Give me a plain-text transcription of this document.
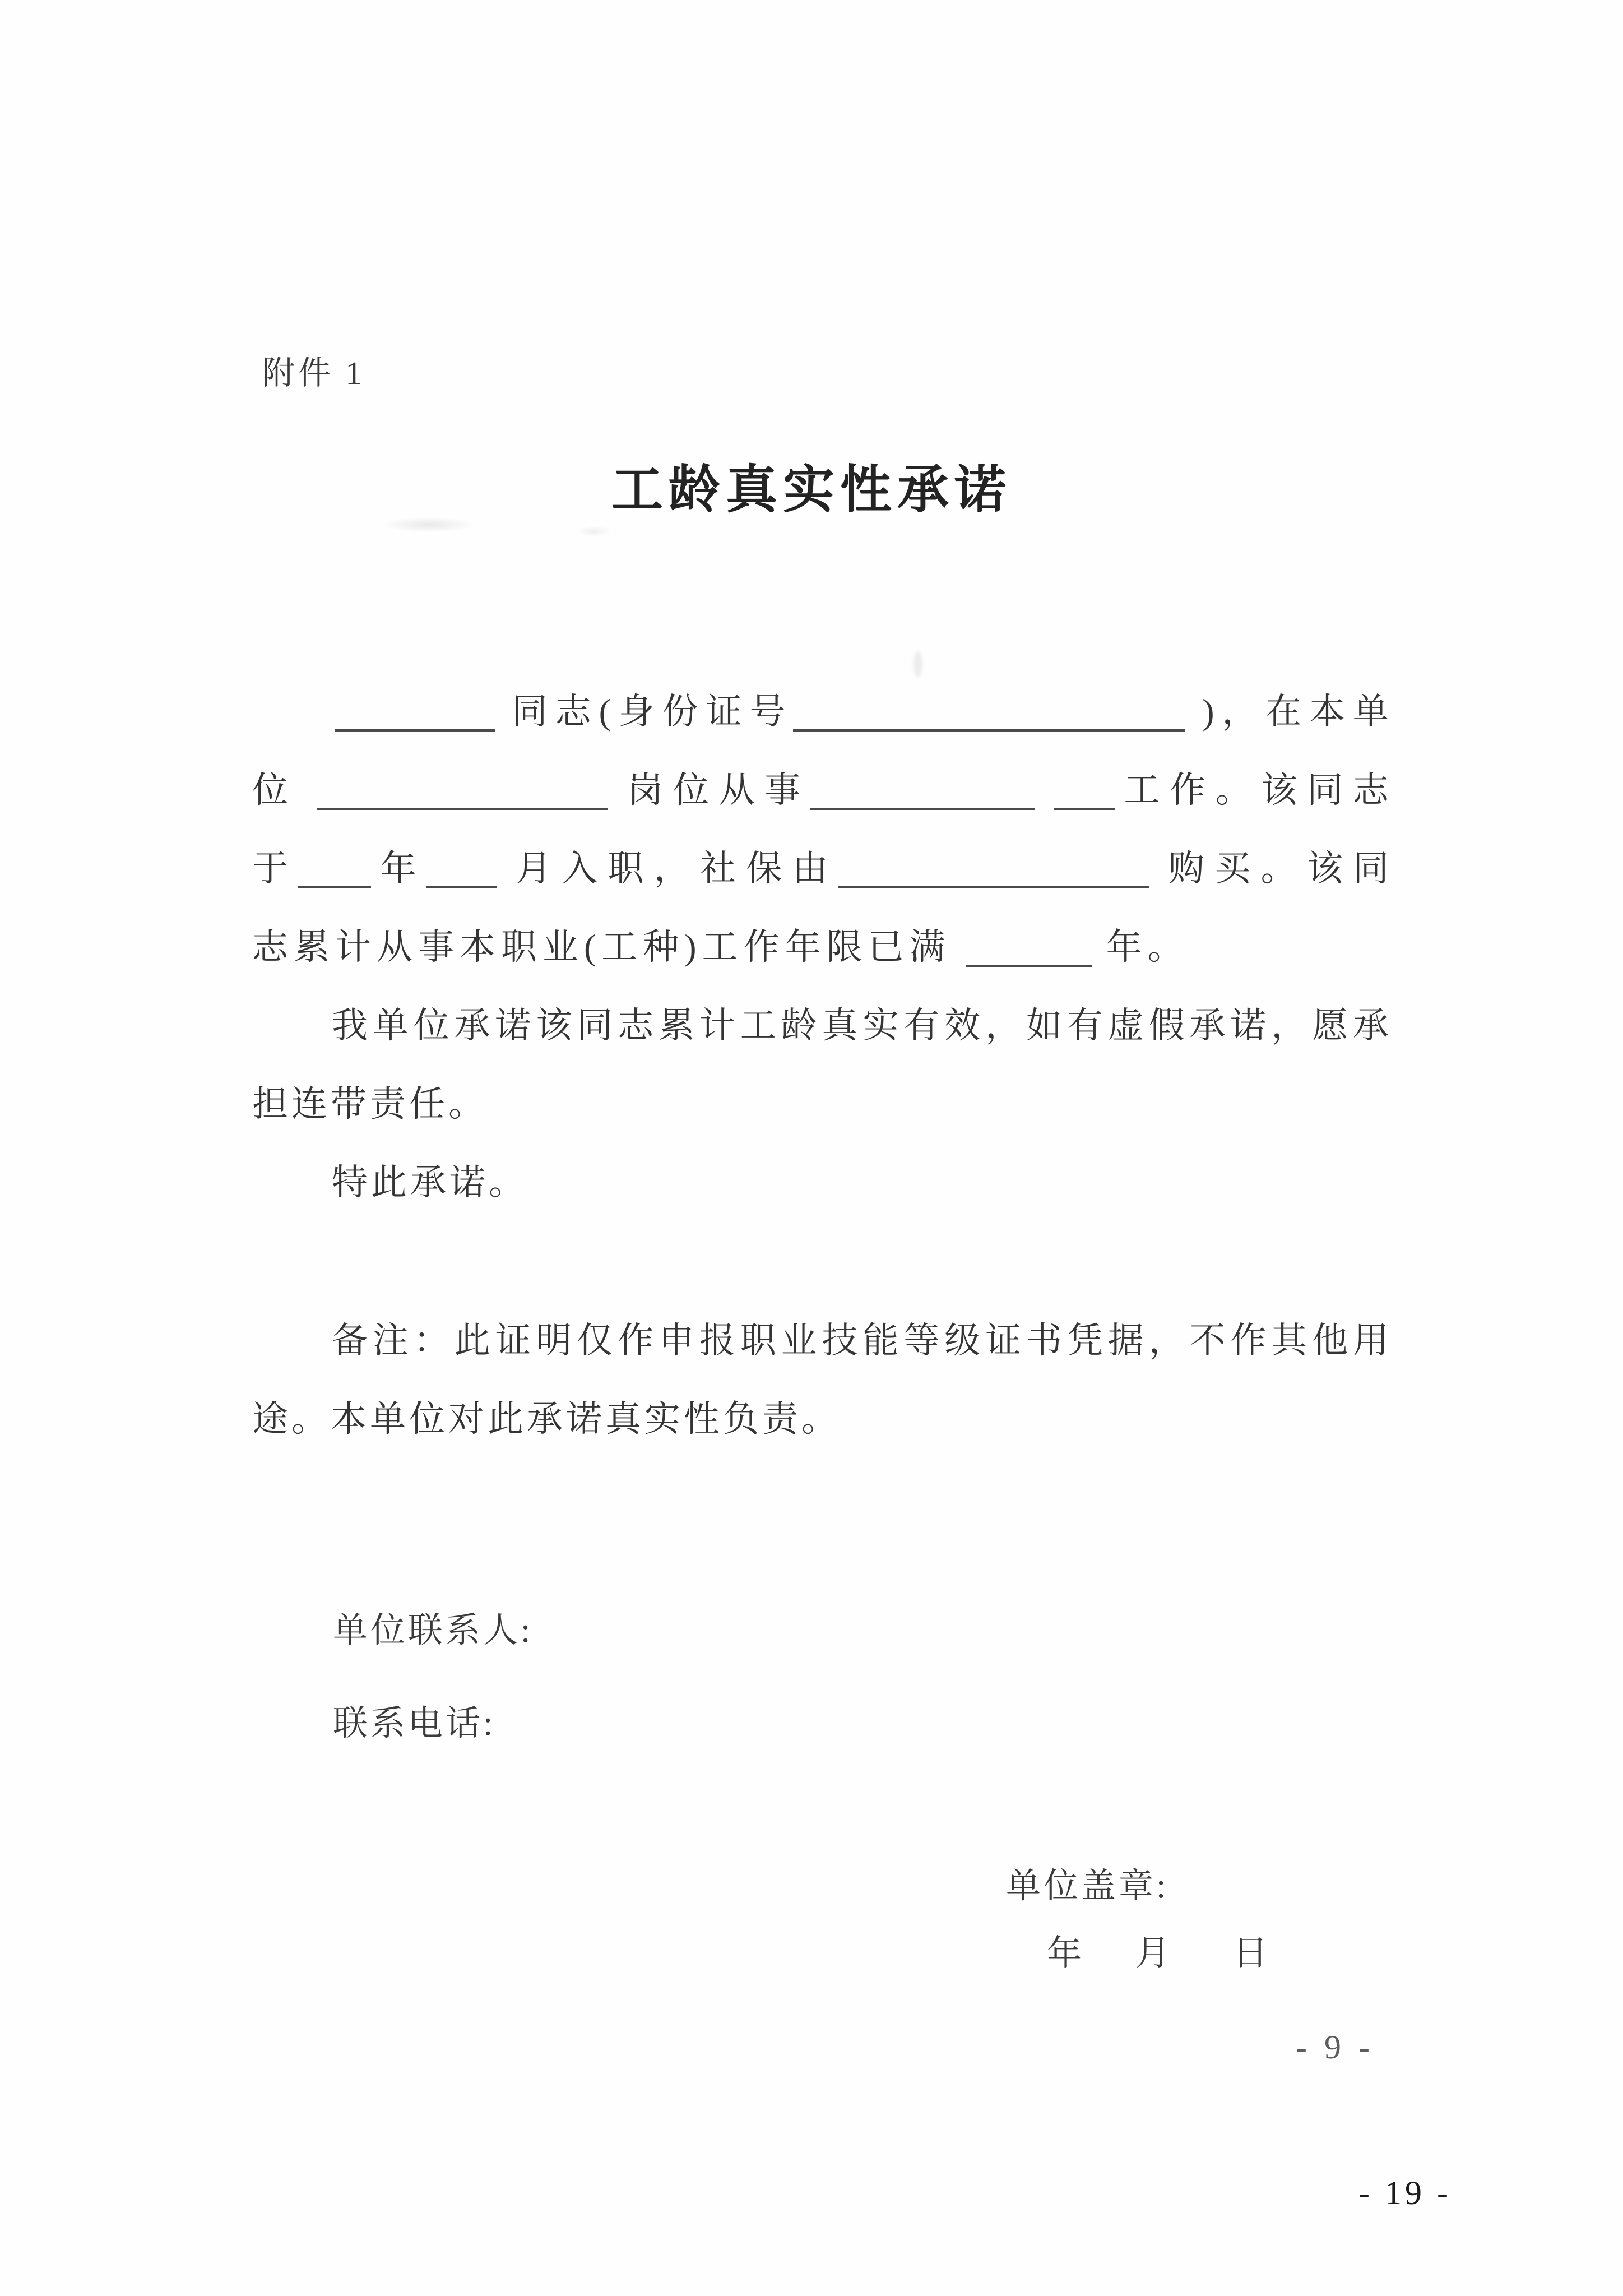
附件 1
工龄真实性承诺
同志(身份证号	)，在本单
位	岗位从事	工作。该同志
于 年 月入职，社保由	购买。该同
志累计从事本职业(工种)工作年限已满	年。
我单位承诺该同志累计工龄真实有效，如有虚假承诺，愿承
担连带责任。
特此承诺。
备注：此证明仅作申报职业技能等级证书凭据，不作其他用
途。本单位对此承诺真实性负责。
单位联系人:
联系电话:
单位盖章:
年 月 日
- 9 -
- 19 -
